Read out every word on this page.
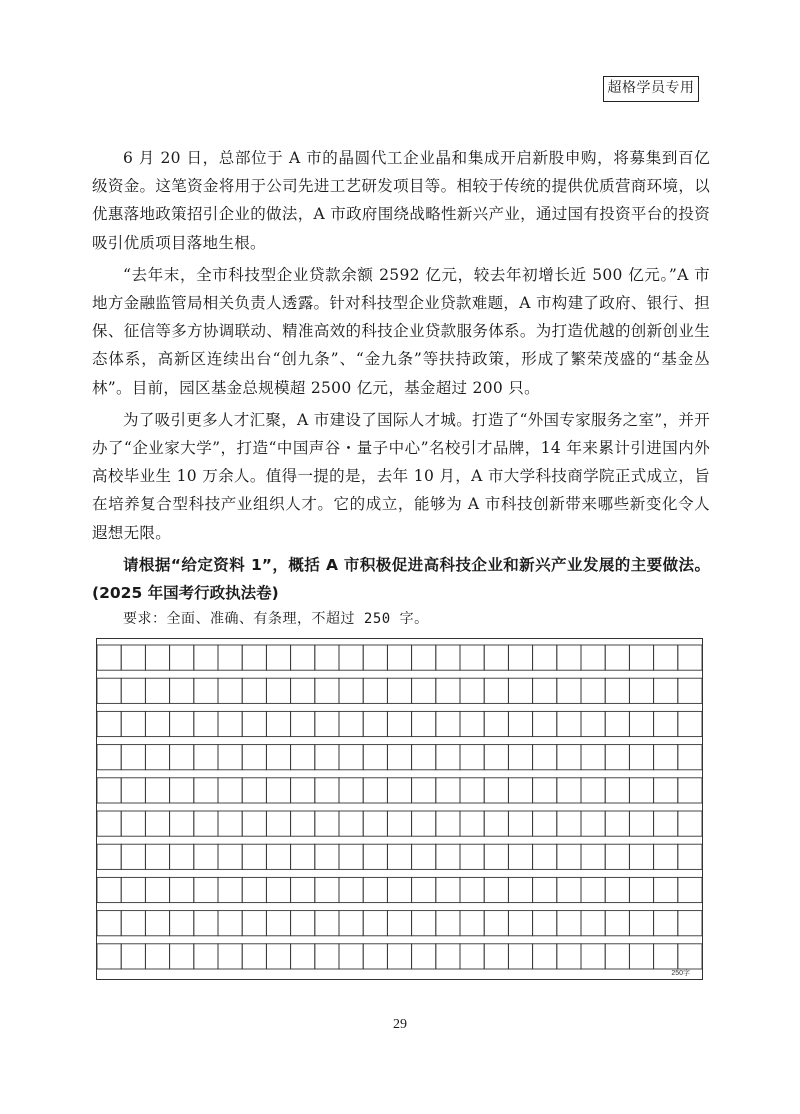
超格学员专用

6 月 20 日，总部位于 A 市的晶圆代工企业晶和集成开启新股申购，将募集到百亿级资金。这笔资金将用于公司先进工艺研发项目等。相较于传统的提供优质营商环境，以优惠落地政策招引企业的做法，A 市政府围绕战略性新兴产业，通过国有投资平台的投资吸引优质项目落地生根。

“去年末，全市科技型企业贷款余额 2592 亿元，较去年初增长近 500 亿元。”A 市地方金融监管局相关负责人透露。针对科技型企业贷款难题，A 市构建了政府、银行、担保、征信等多方协调联动、精准高效的科技企业贷款服务体系。为打造优越的创新创业生态体系，高新区连续出台“创九条”、“金九条”等扶持政策，形成了繁荣茂盛的“基金丛林”。目前，园区基金总规模超 2500 亿元，基金超过 200 只。

为了吸引更多人才汇聚，A 市建设了国际人才城。打造了“外国专家服务之室”，并开办了“企业家大学”，打造“中国声谷・量子中心”名校引才品牌，14 年来累计引进国内外高校毕业生 10 万余人。值得一提的是，去年 10 月，A 市大学科技商学院正式成立，旨在培养复合型科技产业组织人才。它的成立，能够为 A 市科技创新带来哪些新变化令人遐想无限。

请根据“给定资料 1”，概括 A 市积极促进高科技企业和新兴产业发展的主要做法。(2025 年国考行政执法卷)

要求：全面、准确、有条理，不超过 250 字。
250字
29
